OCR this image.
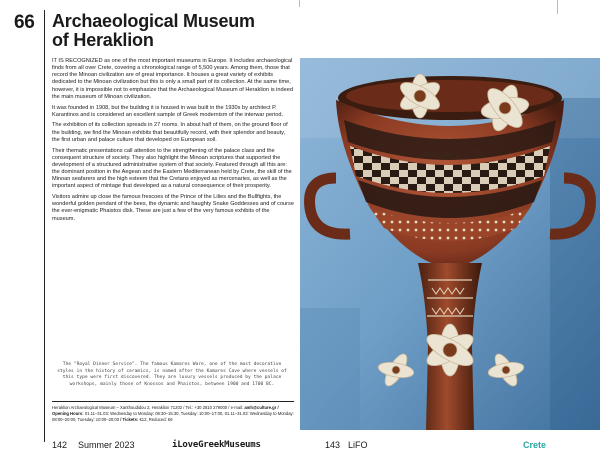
66 Archaeological Museum
of Heraklion

IT IS RECOGNIZED as one of the most important museums in Europe. It includes archaeological finds from all over Crete, covering a chronological range of 5,500 years. Among them, those that record the Minoan civilization are of great importance. It houses a great variety of exhibits dedicated to the Minoan civilization but this is only a small part of its collection. At the same time, however, it is impossible not to emphasize that the Archaeological Museum of Heraklion is indeed the main museum of Minoan civilization.

It was founded in 1908, but the building it is housed in was built in the 1930s by architect P. Karantinos and is considered an excellent sample of Greek modernism of the interwar period.

The exhibition of its collection spreads in 27 rooms. In about half of them, on the ground floor of the building, we find the Minoan exhibits that beautifully record, with their splendor and beauty, the first urban and palace culture that developed on European soil.

Their thematic presentations call attention to the strengthening of the palace class and the consequent structure of society. They also highlight the Minoan scriptures that supported the development of a structured administrative system of that society. Featured through all this are: the dominant position in the Aegean and the Eastern Mediterranean held by Crete, the skill of the Minoan seafarers and the high esteem that the Cretans enjoyed as mercenaries, as well as the important aspect of mintage that developed as a natural consequence of their prosperity.

Visitors admire up close the famous frescoes of the Prince of the Lilies and the Bullfights, the wonderful golden pendant of the bees, the dynamic and haughty Snake Goddesses and of course the ever-enigmatic Phaistos disk. These are just a few of the very famous exhibits of the museum.

The "Royal Dinner Service". The famous Kamares Ware, one of the most decorative styles in the history of ceramics, is named after the Kamares Cave where vessels of this type were first discovered. They are luxury vessels produced by the palace workshops, mainly those of Knossos and Phaistos, between 1900 and 1700 BC.
Heraklion Archaeological Museum – Xanthoudidou 2, Heraklion 71202 / Tel.: +30 2810 279000 / e-mail: amh@culture.gr / Opening Hours: 01.11–31.03: Wednesday to Monday: 08:30–15:30, Tuesday: 10:00–17:00, 01.11–31.03: Wednesday to Monday: 08:00–20:00, Tuesday: 10:00–20:00 / Tickets: €12, Reduced: €6
142 Summer 2023	iLoveGreekMuseums	143 LiFO	Crete
